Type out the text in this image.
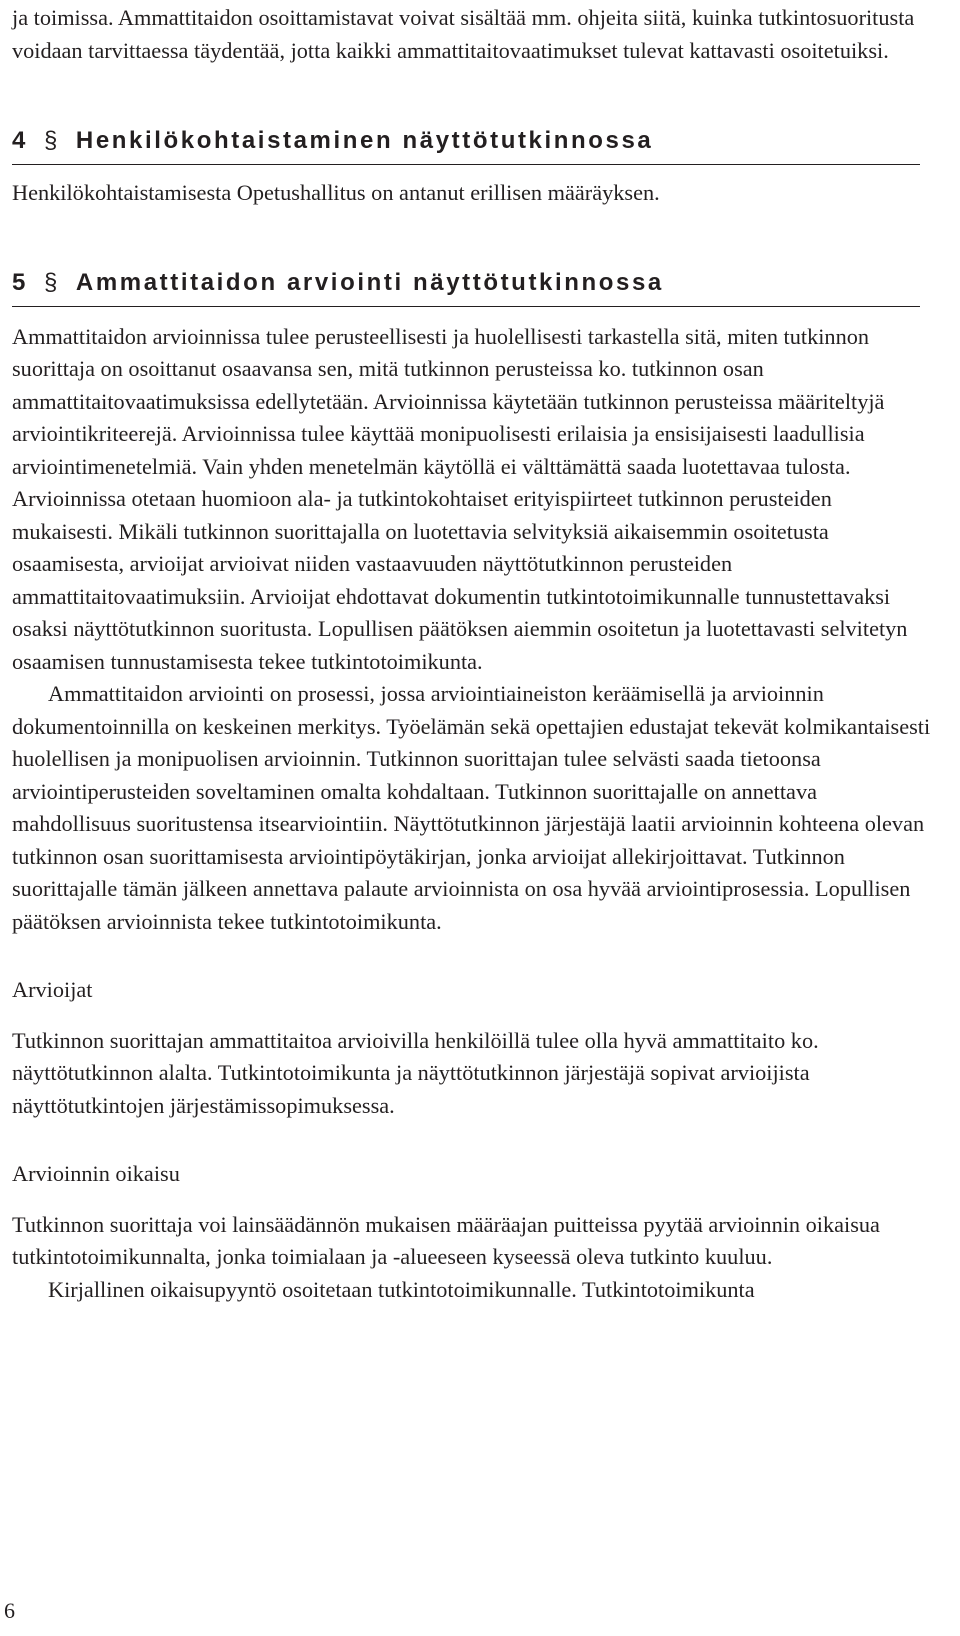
ja toimissa. Ammattitaidon osoittamistavat voivat sisältää mm. ohjeita siitä, kuinka tutkintosuoritusta voidaan tarvittaessa täydentää, jotta kaikki ammattitaitovaatimukset tulevat kattavasti osoitetuiksi.

4 § Henkilökohtaistaminen näyttötutkinnossa

Henkilökohtaistamisesta Opetushallitus on antanut erillisen määräyksen.

5 § Ammattitaidon arviointi näyttötutkinnossa

Ammattitaidon arvioinnissa tulee perusteellisesti ja huolellisesti tarkastella sitä, miten tutkinnon suorittaja on osoittanut osaavansa sen, mitä tutkinnon perusteissa ko. tutkinnon osan ammattitaitovaatimuksissa edellytetään. Arvioinnissa käytetään tutkinnon perusteissa määriteltyjä arviointikriteerejä. Arvioinnissa tulee käyttää monipuolisesti erilaisia ja ensisijaisesti laadullisia arviointimenetelmiä. Vain yhden menetelmän käytöllä ei välttämättä saada luotettavaa tulosta. Arvioinnissa otetaan huomioon ala- ja tutkintokohtaiset erityispiirteet tutkinnon perusteiden mukaisesti. Mikäli tutkinnon suorittajalla on luotettavia selvityksiä aikaisemmin osoitetusta osaamisesta, arvioijat arvioivat niiden vastaavuuden näyttötutkinnon perusteiden ammattitaitovaatimuksiin. Arvioijat ehdottavat dokumentin tutkintotoimikunnalle tunnustettavaksi osaksi näyttötutkinnon suoritusta. Lopullisen päätöksen aiemmin osoitetun ja luotettavasti selvitetyn osaamisen tunnustamisesta tekee tutkintotoimikunta.

Ammattitaidon arviointi on prosessi, jossa arviointiaineiston keräämisellä ja arvioinnin dokumentoinnilla on keskeinen merkitys. Työelämän sekä opettajien edustajat tekevät kolmikantaisesti huolellisen ja monipuolisen arvioinnin. Tutkinnon suorittajan tulee selvästi saada tietoonsa arviointiperusteiden soveltaminen omalta kohdaltaan. Tutkinnon suorittajalle on annettava mahdollisuus suoritustensa itsearviointiin. Näyttötutkinnon järjestäjä laatii arvioinnin kohteena olevan tutkinnon osan suorittamisesta arviointipöytäkirjan, jonka arvioijat allekirjoittavat. Tutkinnon suorittajalle tämän jälkeen annettava palaute arvioinnista on osa hyvää arviointiprosessia. Lopullisen päätöksen arvioinnista tekee tutkintotoimikunta.

Arvioijat

Tutkinnon suorittajan ammattitaitoa arvioivilla henkilöillä tulee olla hyvä ammattitaito ko. näyttötutkinnon alalta. Tutkintotoimikunta ja näyttötutkinnon järjestäjä sopivat arvioijista näyttötutkintojen järjestämissopimuksessa.

Arvioinnin oikaisu

Tutkinnon suorittaja voi lainsäädännön mukaisen määräajan puitteissa pyytää arvioinnin oikaisua tutkintotoimikunnalta, jonka toimialaan ja -alueeseen kyseessä oleva tutkinto kuuluu.

Kirjallinen oikaisupyyntö osoitetaan tutkintotoimikunnalle. Tutkintotoimikunta

6
